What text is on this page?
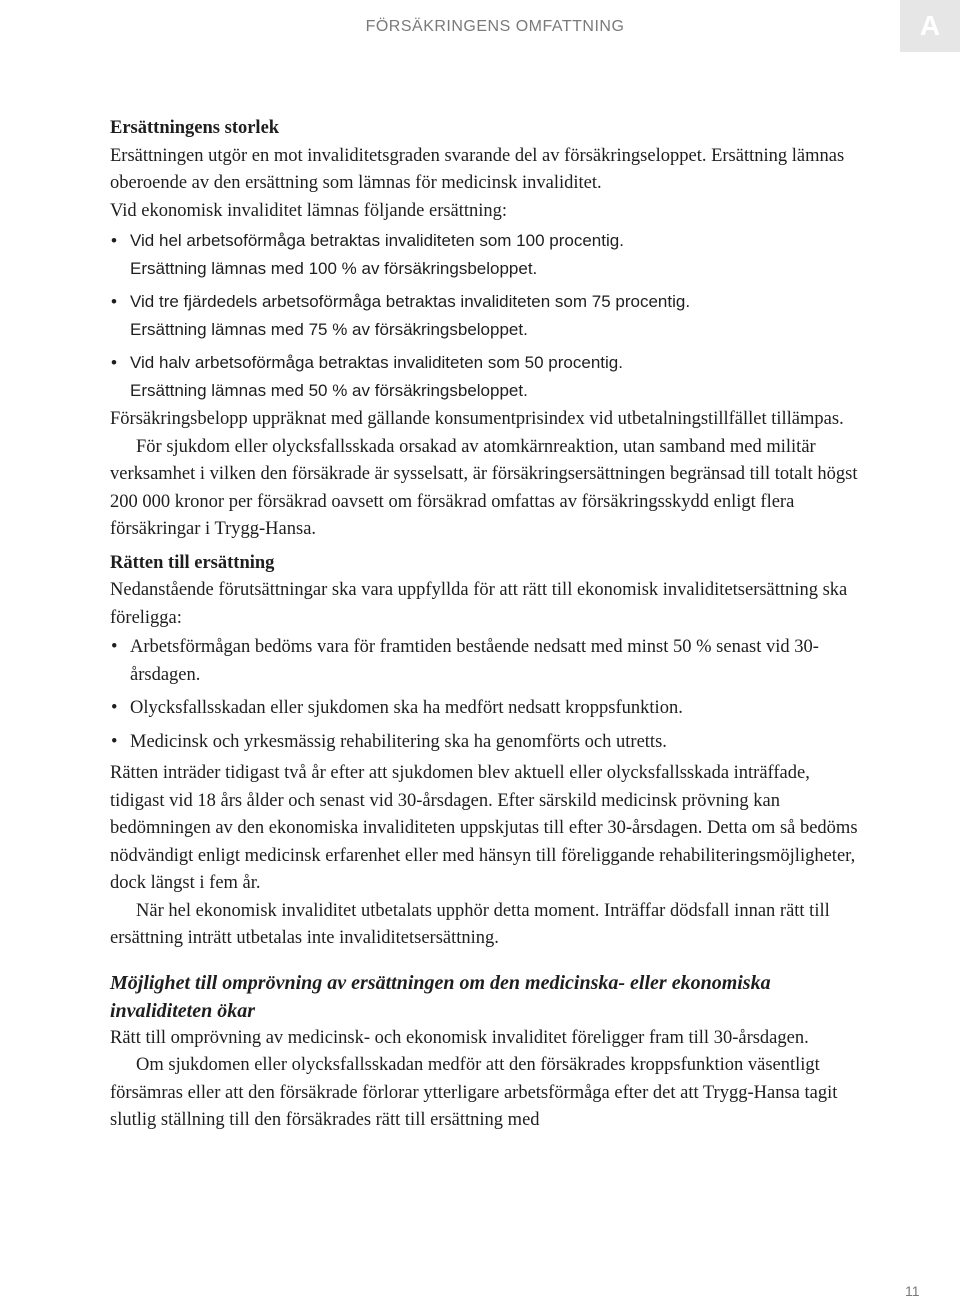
FÖRSÄKRINGENS OMFATTNING	A
Ersättningens storlek

Ersättningen utgör en mot invaliditetsgraden svarande del av försäkringseloppet. Ersättning lämnas oberoende av den ersättning som lämnas för medicinsk invaliditet.

Vid ekonomisk invaliditet lämnas följande ersättning:

• Vid hel arbetsoförmåga betraktas invaliditeten som 100 procentig.
Ersättning lämnas med 100 % av försäkringsbeloppet.
• Vid tre fjärdedels arbetsoförmåga betraktas invaliditeten som 75 procentig.
Ersättning lämnas med 75 % av försäkringsbeloppet.
• Vid halv arbetsoförmåga betraktas invaliditeten som 50 procentig.
Ersättning lämnas med 50 % av försäkringsbeloppet.

Försäkringsbelopp uppräknat med gällande konsumentprisindex vid utbetalningstillfället tillämpas.

För sjukdom eller olycksfallsskada orsakad av atomkärnreaktion, utan samband med militär verksamhet i vilken den försäkrade är sysselsatt, är försäkringsersättningen begränsad till totalt högst 200 000 kronor per försäkrad oavsett om försäkrad omfattas av försäkringsskydd enligt flera försäkringar i Trygg-Hansa.

Rätten till ersättning

Nedanstående förutsättningar ska vara uppfyllda för att rätt till ekonomisk invaliditetsersättning ska föreligga:

• Arbetsförmågan bedöms vara för framtiden bestående nedsatt med minst 50 % senast vid 30-årsdagen.
• Olycksfallsskadan eller sjukdomen ska ha medfört nedsatt kroppsfunktion.
• Medicinsk och yrkesmässig rehabilitering ska ha genomförts och utretts.

Rätten inträder tidigast två år efter att sjukdomen blev aktuell eller olycksfallsskada inträffade, tidigast vid 18 års ålder och senast vid 30-årsdagen. Efter särskild medicinsk prövning kan bedömningen av den ekonomiska invaliditeten uppskjutas till efter 30-årsdagen. Detta om så bedöms nödvändigt enligt medicinsk erfarenhet eller med hänsyn till föreliggande rehabiliteringsmöjligheter, dock längst i fem år.

När hel ekonomisk invaliditet utbetalats upphör detta moment. Inträffar dödsfall innan rätt till ersättning inträtt utbetalas inte invaliditetsersättning.

Möjlighet till omprövning av ersättningen om den medicinska- eller ekonomiska invaliditeten ökar

Rätt till omprövning av medicinsk- och ekonomisk invaliditet föreligger fram till 30-årsdagen.

Om sjukdomen eller olycksfallsskadan medför att den försäkrades kroppsfunktion väsentligt försämras eller att den försäkrade förlorar ytterligare arbetsförmåga efter det att Trygg-Hansa tagit slutlig ställning till den försäkrades rätt till ersättning med

11
